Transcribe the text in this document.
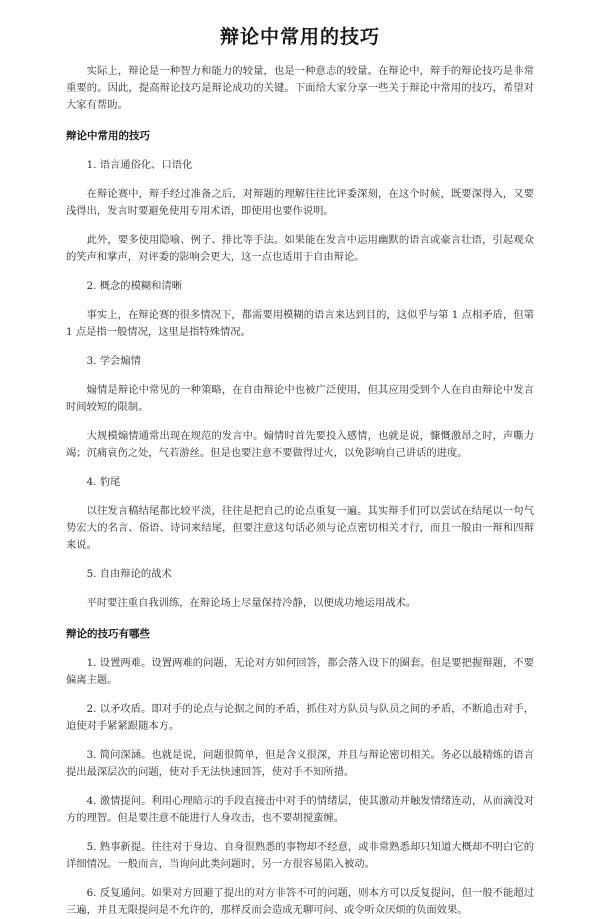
辩论中常用的技巧

实际上，辩论是一种智力和能力的较量，也是一种意志的较量。在辩论中，辩手的辩论技巧是非常重要的。因此，提高辩论技巧是辩论成功的关键。下面给大家分享一些关于辩论中常用的技巧，希望对大家有帮助。

辩论中常用的技巧
1. 语言通俗化、口语化

在辩论赛中，辩手经过准备之后，对辩题的理解往往比评委深刻，在这个时候，既要深得入，又要浅得出，发言时要避免使用专用术语，即使用也要作说明。

此外，要多使用隐喻、例子、排比等手法。如果能在发言中运用幽默的语言或豪言壮语，引起观众的笑声和掌声，对评委的影响会更大，这一点也适用于自由辩论。

2. 概念的模糊和清晰

事实上，在辩论赛的很多情况下，都需要用模糊的语言来达到目的，这似乎与第 1 点相矛盾，但第 1 点是指一般情况，这里是指特殊情况。

3. 学会煽情

煽情是辩论中常见的一种策略，在自由辩论中也被广泛使用，但其应用受到个人在自由辩论中发言时间较短的限制。

大规模煽情通常出现在规范的发言中。煽情时首先要投入感情，也就是说，慷慨激昂之时，声嘶力竭；沉痛哀伤之处，气若游丝。但是也要注意不要做得过火，以免影响自己讲话的进度。

4. 豹尾

以往发言稿结尾都比较平淡，往往是把自己的论点重复一遍。其实辩手们可以尝试在结尾以一句气势宏大的名言、俗语、诗词来结尾，但要注意这句话必须与论点密切相关才行，而且一般由一辩和四辩来说。

5. 自由辩论的战术

平时要注重自我训练，在辩论场上尽量保持冷静，以便成功地运用战术。

辩论的技巧有哪些

1. 设置两难。设置两难的问题，无论对方如何回答，都会落入设下的圈套。但是要把握辩题，不要偏离主题。

2. 以矛攻盾。即对手的论点与论据之间的矛盾，抓住对方队员与队员之间的矛盾，不断追击对手，迫使对手紧紧跟随本方。

3. 简问深涵。也就是说，问题很简单，但是含义很深，并且与辩论密切相关。务必以最精炼的语言提出最深层次的问题，使对手无法快速回答，使对手不知所措。

4. 激情提问。利用心理暗示的手段直接击中对手的情绪层，使其激动并触发情绪连动，从而滴没对方的理智。但是要注意不能进行人身攻击，也不要胡搅蛮缠。

5. 熟事新提。往往对于身边、自身很熟悉的事物却不经意，或非常熟悉却只知道大概却不明白它的详细情况。一般而言，当询问此类问题时，另一方很容易陷入被动。

6. 反复通问。如果对方回避了提出的对方非答不可的问题，则本方可以反复提问，但一般不能超过三遍，并且无限提问是不允许的，那样反而会造成无聊可问、或令听众厌烦的负面效果。
